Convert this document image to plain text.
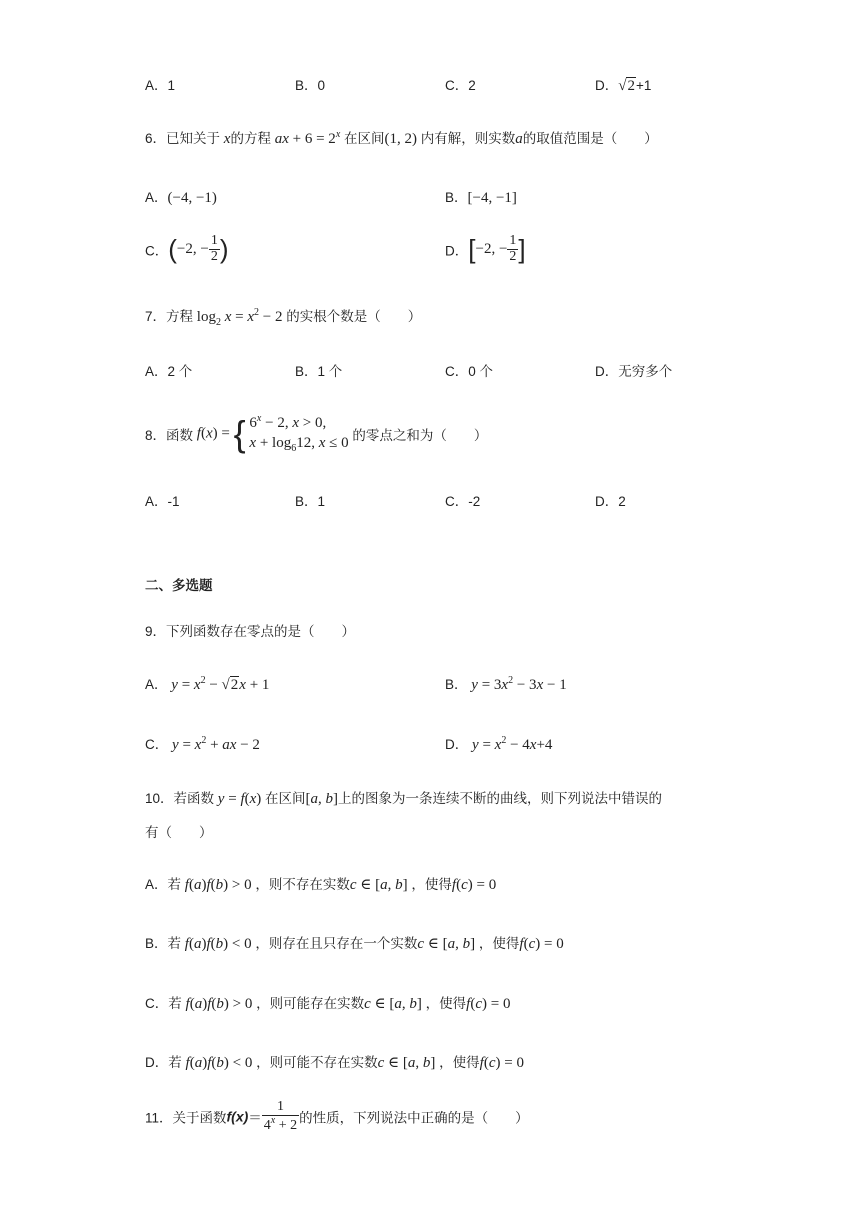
A．1	B．0	C．2	D．√2+1
6．已知关于 x的方程 ax + $6 = 2^x$ 在区间(1, 2) 内有解，则实数a的取值范围是（　　）
A．(−4, −1)	B．[−4, −1]
C．(−2, − $\frac{1}{2}$ )	D．[−2, − $\frac{1}{2}$ ]
7．方程 $\log_2 x = x^2 - 2$ 的实根个数是（　　）
A．2 个	B．1 个	C．0 个	D．无穷多个
8．函数 f(x) = { $6^x - 2$, x > 0,
$x + \log_612$, x ≤ 0 的零点之和为（　　）
A．-1	B．1	C．-2	D．2
二、多选题
9．下列函数存在零点的是（　　）
A． $y = x^2 - √2x + 1$	B． $y = 3x^2 - 3x - 1$
C． $y = x^2$ + ax − 2	D． $y = x^2 - 4x+4$
10．若函数 y = f(x) 在区间[a, b]上的图象为一条连续不断的曲线，则下列说法中错误的
有（　　）
A．若 f(a)f(b) > 0 ，则不存在实数c ∈ [a, b] ，使得f(c) = 0
B．若 f(a)f(b) < 0 ，则存在且只存在一个实数c ∈ [a, b] ，使得f(c) = 0
C．若 f(a)f(b) > 0 ，则可能存在实数c ∈ [a, b] ，使得f(c) = 0
D．若 f(a)f(b) < 0 ，则可能不存在实数c ∈ [a, b] ，使得f(c) = 0
11．关于函数$f(x)= \frac{1}{4^x + 2}$ 的性质，下列说法中正确的是（　　）
